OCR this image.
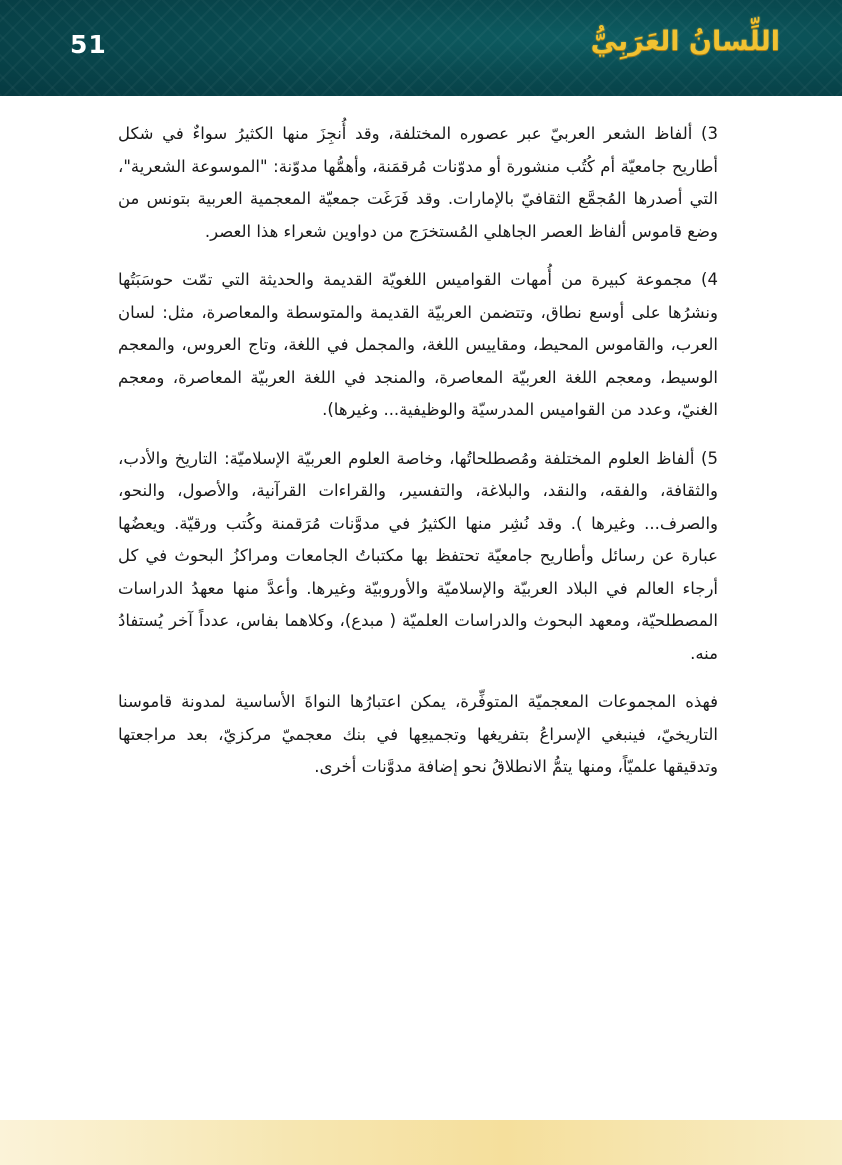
51	اللِّسانُ العَرَبِيُّ

3) ألفاظ الشعر العربيّ عبر عصوره المختلفة، وقد أُنجِزَ منها الكثيرُ سواءٌ في شكل أطاريح جامعيّة أم كُتُب منشورة أو مدوّنات مُرقمَنة، وأهمُّها مدوّنة: "الموسوعة الشعرية"، التي أصدرها المُجمَّع الثقافيّ بالإمارات. وقد فَرَغَت جمعيّة المعجمية العربية بتونس من وضع قاموس ألفاظ العصر الجاهلي المُستخرَج من دواوين شعراء هذا العصر.

4) مجموعة كبيرة من أُمهات القواميس اللغويّة القديمة والحديثة التي تمّت حوسَبَتُها ونشرُها على أوسع نطاق، وتتضمن العربيّة القديمة والمتوسطة والمعاصرة، مثل: لسان العرب، والقاموس المحيط، ومقاييس اللغة، والمجمل في اللغة، وتاج العروس، والمعجم الوسيط، ومعجم اللغة العربيّة المعاصرة، والمنجد في اللغة العربيّة المعاصرة، ومعجم الغنيّ، وعدد من القواميس المدرسيّة والوظيفية... وغيرها).

5) ألفاظ العلوم المختلفة ومُصطلحاتُها، وخاصة العلوم العربيّة الإسلاميّة: التاريخ والأدب، والثقافة، والفقه، والنقد، والبلاغة، والتفسير، والقراءات القرآنية، والأصول، والنحو، والصرف... وغيرها ). وقد نُشِر منها الكثيرُ في مدوَّنات مُرَقمنة وكُتب ورقيّة. ويعضُها عبارة عن رسائل وأطاريح جامعيّة تحتفظ بها مكتباتُ الجامعات ومراكزُ البحوث في كل أرجاء العالم في البلاد العربيّة والإسلاميّة والأوروبيّة وغيرها. وأعدَّ منها معهدُ الدراسات المصطلحيّة، ومعهد البحوث والدراسات العلميّة ( مبدع)، وكلاهما بفاس، عدداً آخر يُستفادُ منه.

فهذه المجموعات المعجميّة المتوفِّرة، يمكن اعتبارُها النواةَ الأساسية لمدونة قاموسنا التاريخيّ، فينبغي الإسراعُ بتفريغها وتجميعِها في بنك معجميّ مركزيّ، بعد مراجعتها وتدقيقها علميّاً، ومنها يتمُّ الانطلاقُ نحو إضافة مدوَّنات أخرى.
